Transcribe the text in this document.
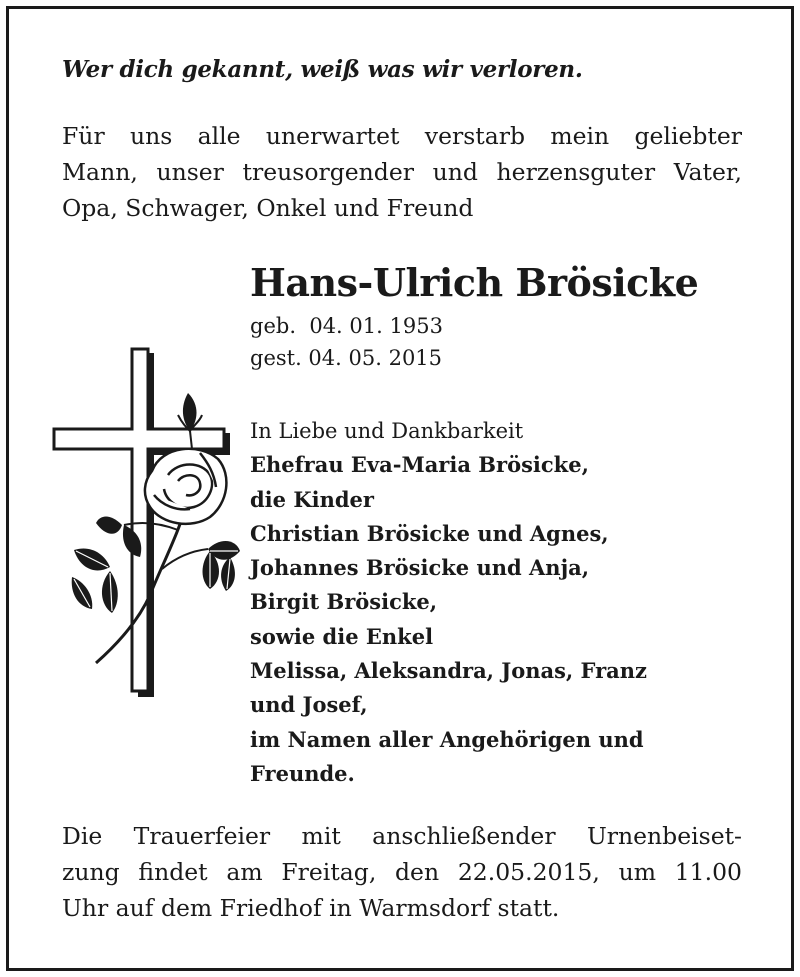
Wer dich gekannt, weiß was wir verloren.
Für uns alle unerwartet verstarb mein geliebter
Mann, unser treusorgender und herzensguter Vater,
Opa, Schwager, Onkel und Freund
Hans-Ulrich Brösicke
geb.  04. 01. 1953
gest. 04. 05. 2015
In Liebe und Dankbarkeit
Ehefrau Eva-Maria Brösicke,
die Kinder
Christian Brösicke und Agnes,
Johannes Brösicke und Anja,
Birgit Brösicke,
sowie die Enkel
Melissa, Aleksandra, Jonas, Franz
und Josef,
im Namen aller Angehörigen und
Freunde.
Die Trauerfeier mit anschließender Urnenbeiset-
zung findet am Freitag, den 22.05.2015, um 11.00
Uhr auf dem Friedhof in Warmsdorf statt.
